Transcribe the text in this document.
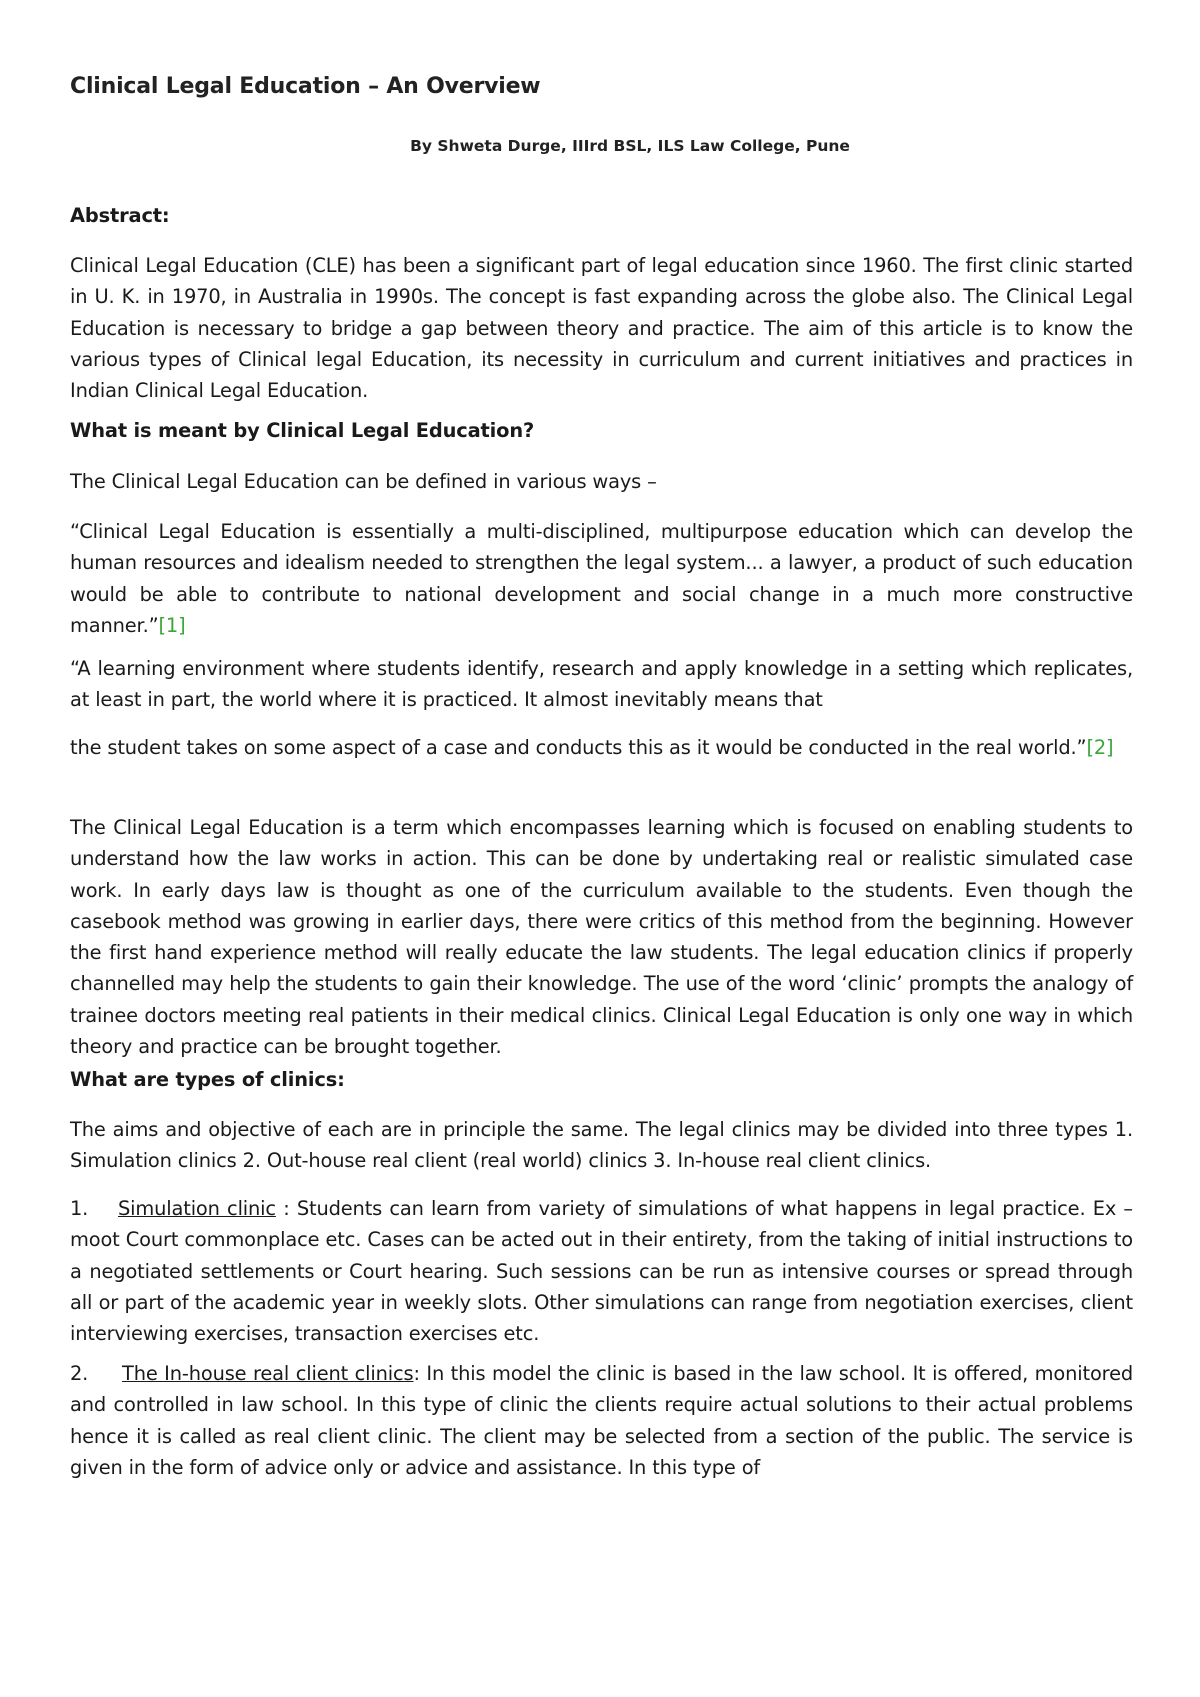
Clinical Legal Education – An Overview
By Shweta Durge, IIIrd BSL, ILS Law College, Pune
Abstract:
Clinical Legal Education (CLE) has been a significant part of legal education since 1960. The first clinic started in U. K. in 1970, in Australia in 1990s. The concept is fast expanding across the globe also. The Clinical Legal Education is necessary to bridge a gap between theory and practice. The aim of this article is to know the various types of Clinical legal Education, its necessity in curriculum and current initiatives and practices in Indian Clinical Legal Education.
What is meant by Clinical Legal Education?
The Clinical Legal Education can be defined in various ways –
“Clinical Legal Education is essentially a multi-disciplined, multipurpose education which can develop the human resources and idealism needed to strengthen the legal system... a lawyer, a product of such education would be able to contribute to national development and social change in a much more constructive manner.”[1]
“A learning environment where students identify, research and apply knowledge in a setting which replicates, at least in part, the world where it is practiced. It almost inevitably means that
the student takes on some aspect of a case and conducts this as it would be conducted in the real world.”[2]
The Clinical Legal Education is a term which encompasses learning which is focused on enabling students to understand how the law works in action. This can be done by undertaking real or realistic simulated case work. In early days law is thought as one of the curriculum available to the students. Even though the casebook method was growing in earlier days, there were critics of this method from the beginning. However the first hand experience method will really educate the law students. The legal education clinics if properly channelled may help the students to gain their knowledge. The use of the word ‘clinic’ prompts the analogy of trainee doctors meeting real patients in their medical clinics. Clinical Legal Education is only one way in which theory and practice can be brought together.
What are types of clinics:
The aims and objective of each are in principle the same. The legal clinics may be divided into three types 1. Simulation clinics 2. Out-house real client (real world) clinics 3. In-house real client clinics.
1. Simulation clinic : Students can learn from variety of simulations of what happens in legal practice. Ex – moot Court commonplace etc. Cases can be acted out in their entirety, from the taking of initial instructions to a negotiated settlements or Court hearing. Such sessions can be run as intensive courses or spread through all or part of the academic year in weekly slots. Other simulations can range from negotiation exercises, client interviewing exercises, transaction exercises etc.
2. The In-house real client clinics: In this model the clinic is based in the law school. It is offered, monitored and controlled in law school. In this type of clinic the clients require actual solutions to their actual problems hence it is called as real client clinic. The client may be selected from a section of the public. The service is given in the form of advice only or advice and assistance. In this type of
